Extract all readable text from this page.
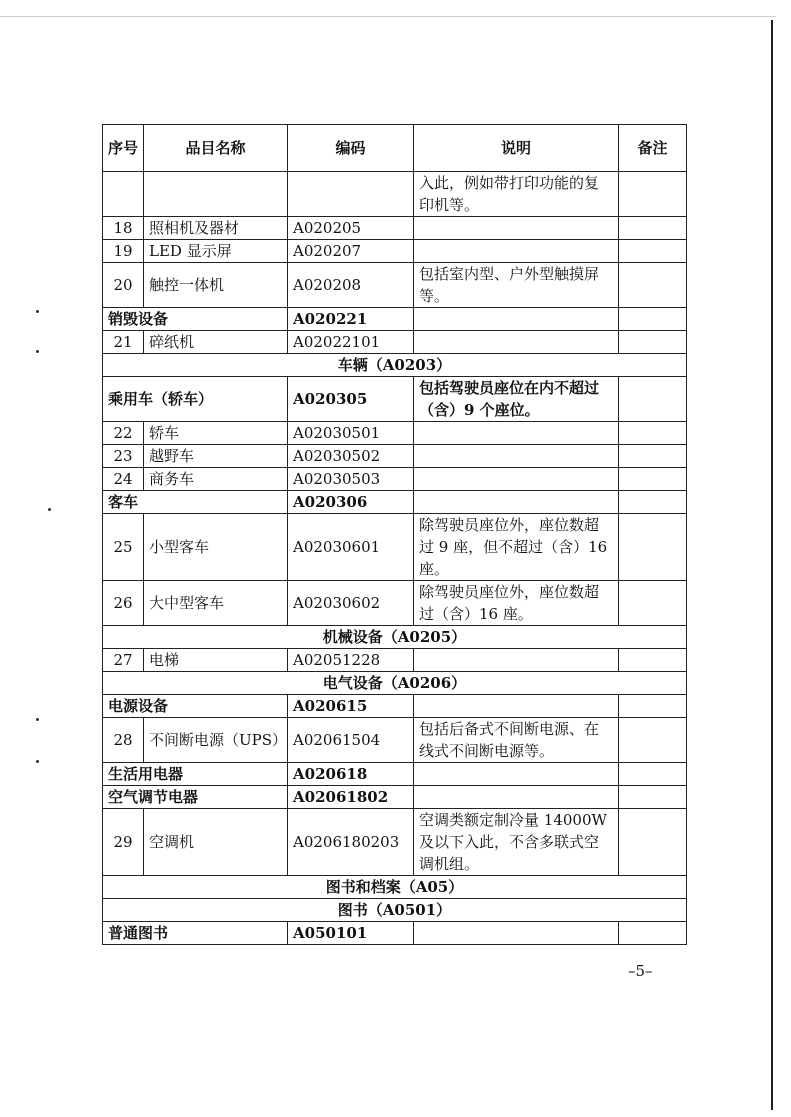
序号	品目名称	编码	说明	备注
			入此，例如带打印功能的复印机等。	
18	照相机及器材	A020205		
19	LED 显示屏	A020207		
20	触控一体机	A020208	包括室内型、户外型触摸屏等。	
销毁设备		A020221		
21	碎纸机	A02022101		
车辆（A0203）				
乘用车（轿车）		A020305	包括驾驶员座位在内不超过（含）9 个座位。	
22	轿车	A02030501		
23	越野车	A02030502		
24	商务车	A02030503		
客车		A020306		
25	小型客车	A02030601	除驾驶员座位外，座位数超过 9 座，但不超过（含）16 座。	
26	大中型客车	A02030602	除驾驶员座位外，座位数超过（含）16 座。	
机械设备（A0205）				
27	电梯	A02051228		
电气设备（A0206）				
电源设备		A020615		
28	不间断电源（UPS）	A02061504	包括后备式不间断电源、在线式不间断电源等。	
生活用电器		A020618		
空气调节电器		A02061802		
29	空调机	A0206180203	空调类额定制冷量 14000W 及以下入此，不含多联式空调机组。	
图书和档案（A05）				
图书（A0501）				
普通图书		A050101		
–5–
